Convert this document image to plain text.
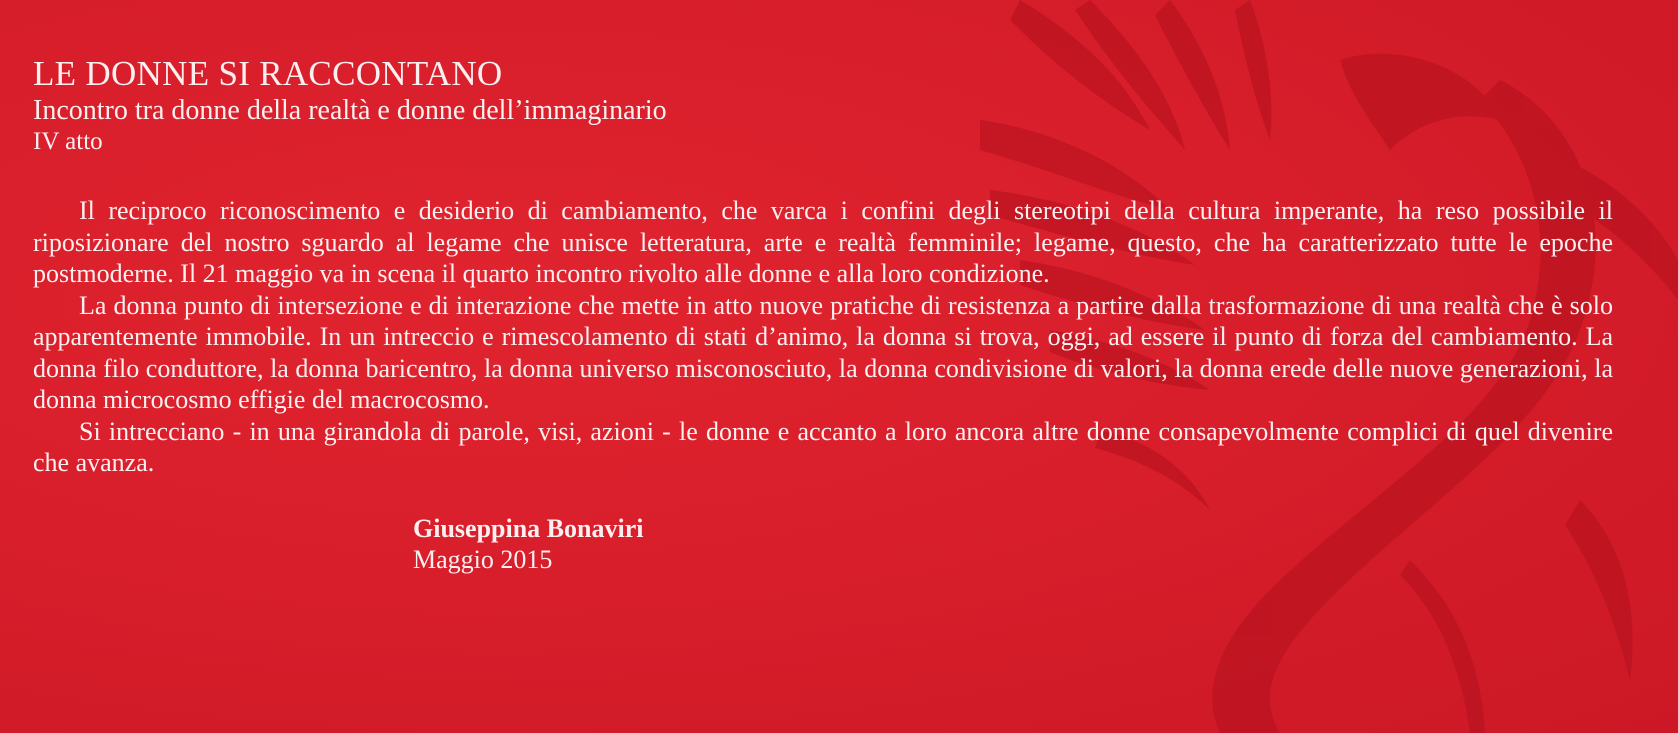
LE DONNE SI RACCONTANO

Incontro tra donne della realtà e donne dell’immaginario

IV atto

Il reciproco riconoscimento e desiderio di cambiamento, che varca i confini degli stereotipi della cultura imperante, ha reso possibile il riposizionare del nostro sguardo al legame che unisce letteratura, arte e realtà femminile; legame, questo, che ha caratterizzato tutte le epoche postmoderne. Il 21 maggio va in scena il quarto incontro rivolto alle donne e alla loro condizione.

La donna punto di intersezione e di interazione che mette in atto nuove pratiche di resistenza a partire dalla trasformazione di una realtà che è solo apparentemente immobile. In un intreccio e rimescolamento di stati d’animo, la donna si trova, oggi, ad essere il punto di forza del cambiamento. La donna filo conduttore, la donna baricentro, la donna universo misconosciuto, la donna condivisione di valori, la donna erede delle nuove generazioni, la donna microcosmo effigie del macrocosmo.

Si intrecciano - in una girandola di parole, visi, azioni - le donne e accanto a loro ancora altre donne consapevolmente complici di quel divenire che avanza.

Giuseppina Bonaviri
Maggio 2015
